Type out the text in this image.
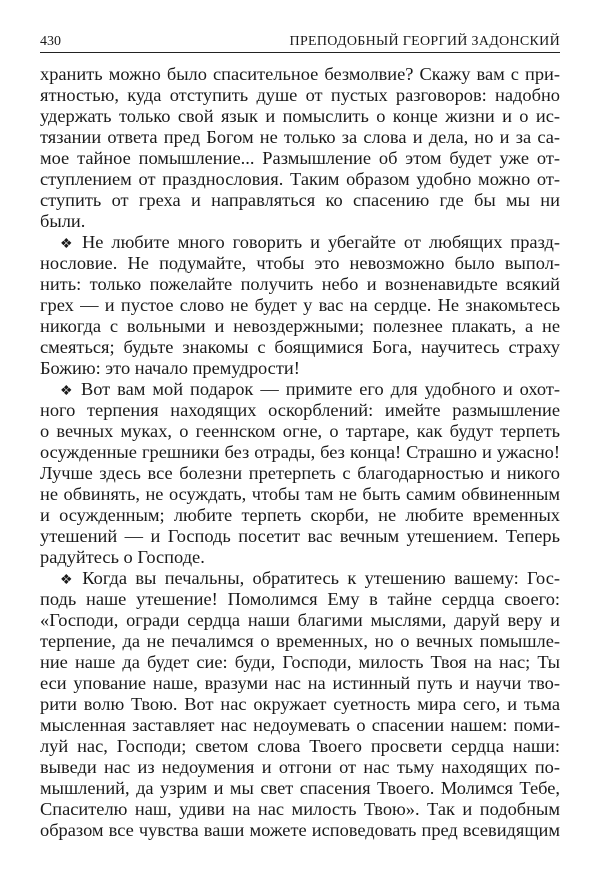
430	ПРЕПОДОБНЫЙ ГЕОРГИЙ ЗАДОНСКИЙ
хранить можно было спасительное безмолвие? Скажу вам с при-
ятностью, куда отступить душе от пустых разговоров: надобно
удержать только свой язык и помыслить о конце жизни и о ис-
тязании ответа пред Богом не только за слова и дела, но и за са-
мое тайное помышление... Размышление об этом будет уже от-
ступлением от празднословия. Таким образом удобно можно от-
ступить от греха и направляться ко спасению где бы мы ни
были.
❖ Не любите много говорить и убегайте от любящих празд-
нословие. Не подумайте, чтобы это невозможно было выпол-
нить: только пожелайте получить небо и возненавидьте всякий
грех — и пустое слово не будет у вас на сердце. Не знакомьтесь
никогда с вольными и невоздержными; полезнее плакать, а не
смеяться; будьте знакомы с боящимися Бога, научитесь страху
Божию: это начало премудрости!
❖ Вот вам мой подарок — примите его для удобного и охот-
ного терпения находящих оскорблений: имейте размышление
о вечных муках, о гееннском огне, о тартаре, как будут терпеть
осужденные грешники без отрады, без конца! Страшно и ужасно!
Лучше здесь все болезни претерпеть с благодарностью и никого
не обвинять, не осуждать, чтобы там не быть самим обвиненным
и осужденным; любите терпеть скорби, не любите временных
утешений — и Господь посетит вас вечным утешением. Теперь
радуйтесь о Господе.
❖ Когда вы печальны, обратитесь к утешению вашему: Гос-
подь наше утешение! Помолимся Ему в тайне сердца своего:
«Господи, огради сердца наши благими мыслями, даруй веру и
терпение, да не печалимся о временных, но о вечных помышле-
ние наше да будет сие: буди, Господи, милость Твоя на нас; Ты
еси упование наше, вразуми нас на истинный путь и научи тво-
рити волю Твою. Вот нас окружает суетность мира сего, и тьма
мысленная заставляет нас недоумевать о спасении нашем: поми-
луй нас, Господи; светом слова Твоего просвети сердца наши:
выведи нас из недоумения и отгони от нас тьму находящих по-
мышлений, да узрим и мы свет спасения Твоего. Молимся Тебе,
Спасителю наш, удиви на нас милость Твою». Так и подобным
образом все чувства ваши можете исповедовать пред всевидящим
